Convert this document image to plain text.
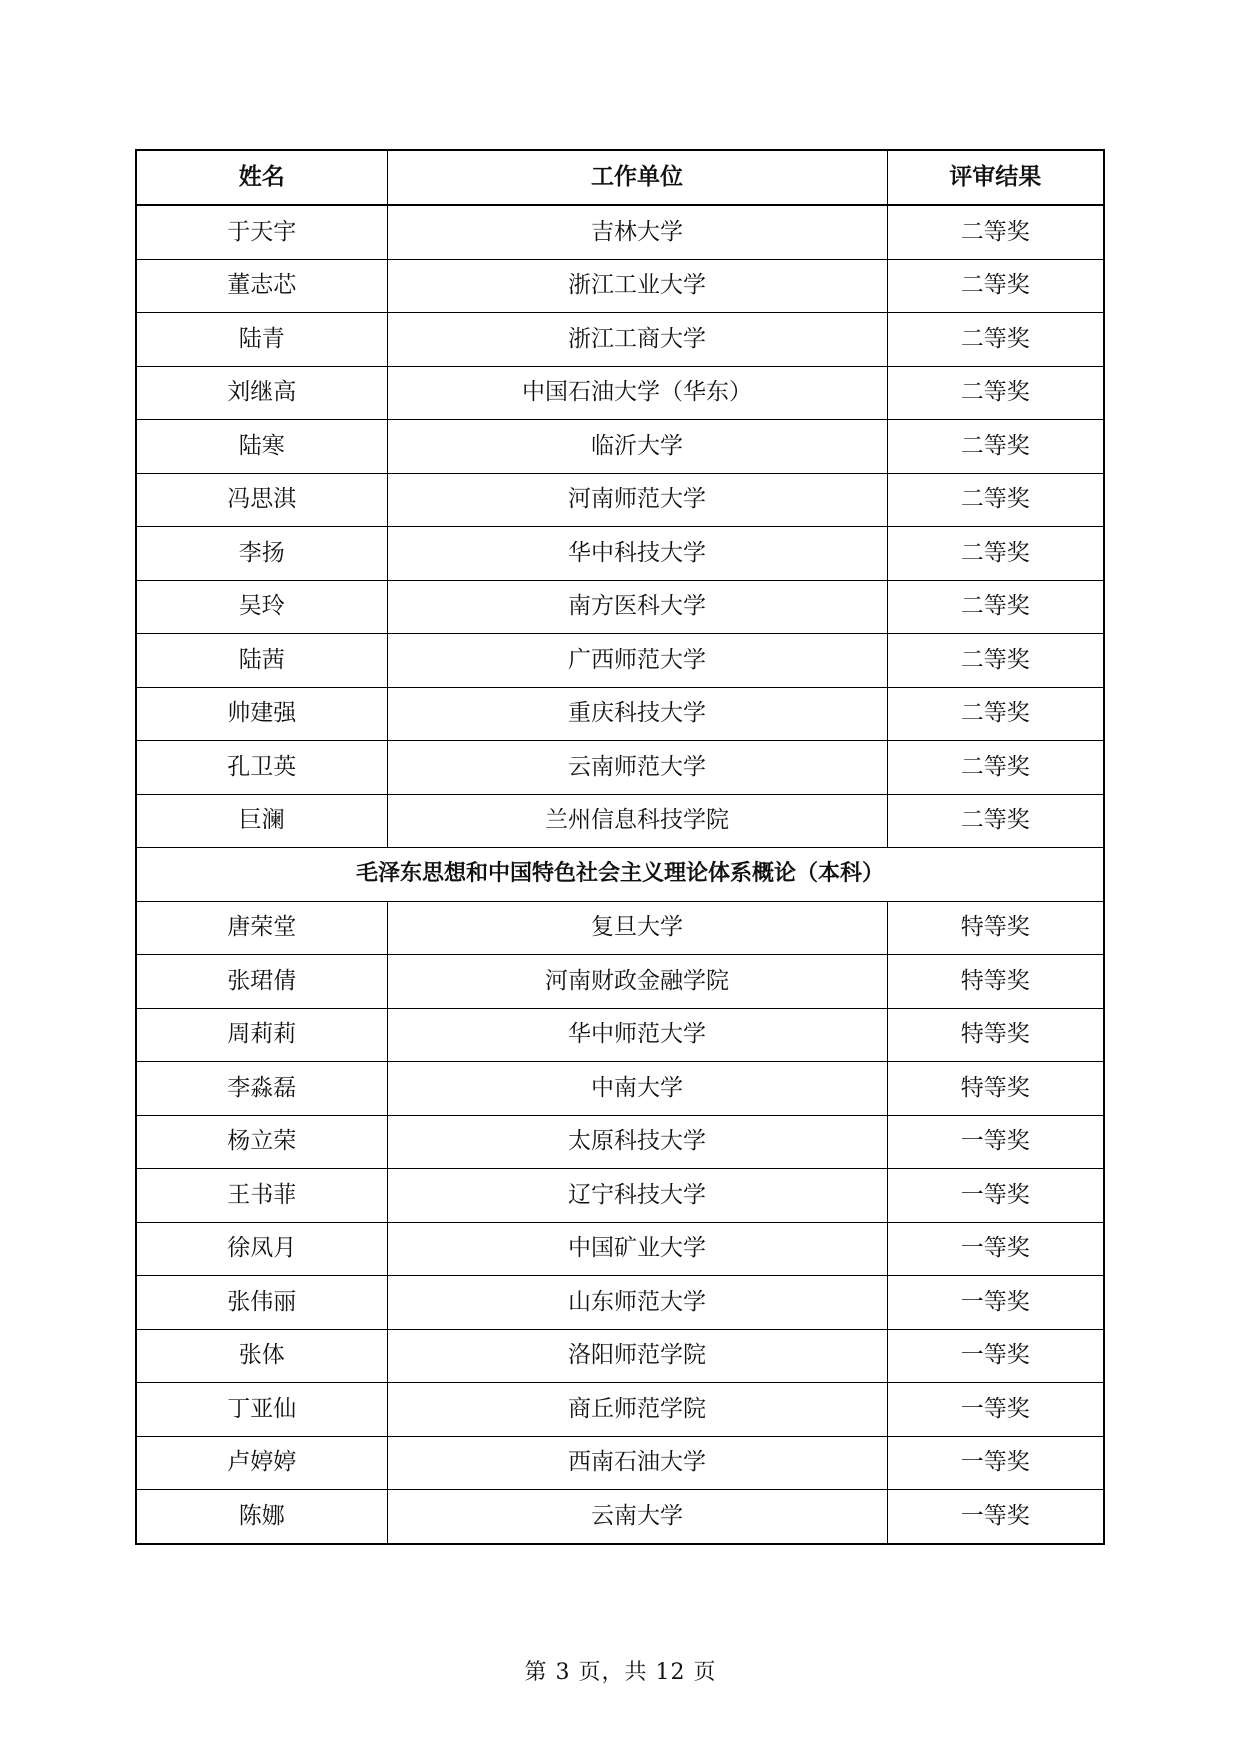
姓名	工作单位	评审结果
于天宇	吉林大学	二等奖
董志芯	浙江工业大学	二等奖
陆青	浙江工商大学	二等奖
刘继高	中国石油大学（华东）	二等奖
陆寒	临沂大学	二等奖
冯思淇	河南师范大学	二等奖
李扬	华中科技大学	二等奖
吴玲	南方医科大学	二等奖
陆茜	广西师范大学	二等奖
帅建强	重庆科技大学	二等奖
孔卫英	云南师范大学	二等奖
巨澜	兰州信息科技学院	二等奖
毛泽东思想和中国特色社会主义理论体系概论（本科）		
唐荣堂	复旦大学	特等奖
张珺倩	河南财政金融学院	特等奖
周莉莉	华中师范大学	特等奖
李淼磊	中南大学	特等奖
杨立荣	太原科技大学	一等奖
王书菲	辽宁科技大学	一等奖
徐凤月	中国矿业大学	一等奖
张伟丽	山东师范大学	一等奖
张体	洛阳师范学院	一等奖
丁亚仙	商丘师范学院	一等奖
卢婷婷	西南石油大学	一等奖
陈娜	云南大学	一等奖
第 3 页，共 12 页
